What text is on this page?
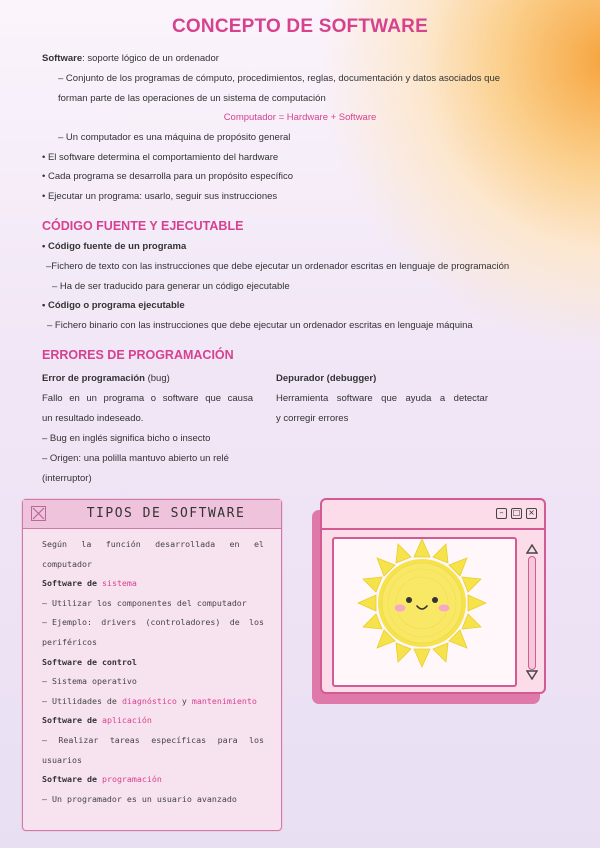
CONCEPTO DE SOFTWARE
Software: soporte lógico de un ordenador
– Conjunto de los programas de cómputo, procedimientos, reglas, documentación y datos asociados que
forman parte de las operaciones de un sistema de computación
Computador = Hardware + Software
– Un computador es una máquina de propósito general
• El software determina el comportamiento del hardware
• Cada programa se desarrolla para un propósito específico
• Ejecutar un programa: usarlo, seguir sus instrucciones
CÓDIGO FUENTE Y EJECUTABLE
• Código fuente de un programa
–Fichero de texto con las instrucciones que debe ejecutar un ordenador escritas en lenguaje de programación
– Ha de ser traducido para generar un código ejecutable
• Código o programa ejecutable
– Fichero binario con las instrucciones que debe ejecutar un ordenador escritas en lenguaje máquina
ERRORES DE PROGRAMACIÓN
Error de programación (bug)
Fallo en un programa o software que causa
un resultado indeseado.
– Bug en inglés significa bicho o insecto
– Origen: una polilla mantuvo abierto un relé
(interruptor)
Depurador (debugger)
Herramienta software que ayuda a detectar
y corregir errores
TIPOS DE SOFTWARE
Según la función desarrollada en el
computador
Software de sistema
– Utilizar los componentes del computador
– Ejemplo: drivers (controladores) de los
periféricos
Software de control
– Sistema operativo
– Utilidades de diagnóstico y mantenimiento
Software de aplicación
– Realizar tareas específicas para los
usuarios
Software de programación
– Un programador es un usuario avanzado
–	□ ×
